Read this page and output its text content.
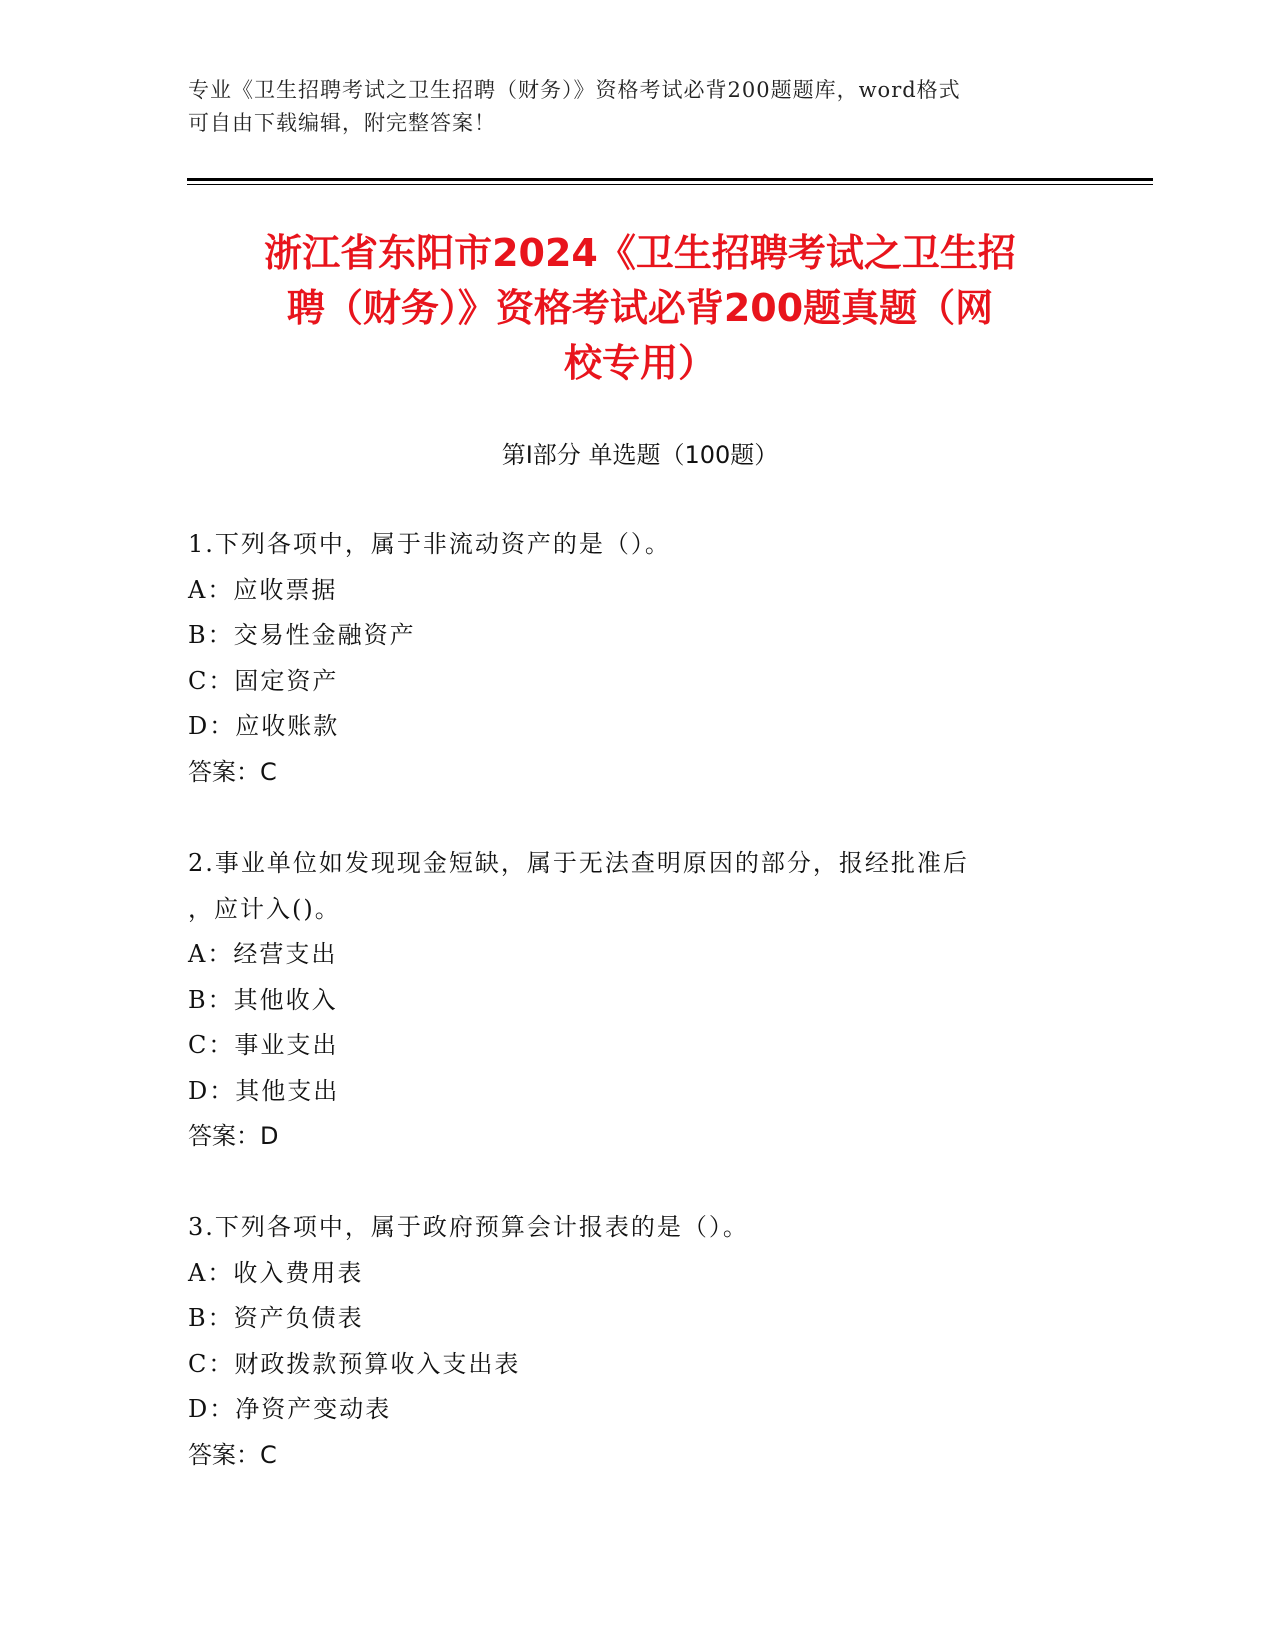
专业《卫生招聘考试之卫生招聘（财务）》资格考试必背200题题库，word格式
可自由下载编辑，附完整答案！
浙江省东阳市2024《卫生招聘考试之卫生招
聘（财务）》资格考试必背200题真题（网
校专用）
第Ⅰ部分 单选题（100题）
1.下列各项中，属于非流动资产的是（）。
A：应收票据
B：交易性金融资产
C：固定资产
D：应收账款
答案：C
2.事业单位如发现现金短缺，属于无法查明原因的部分，报经批准后
，应计入()。
A：经营支出
B：其他收入
C：事业支出
D：其他支出
答案：D
3.下列各项中，属于政府预算会计报表的是（）。
A：收入费用表
B：资产负债表
C：财政拨款预算收入支出表
D：净资产变动表
答案：C
